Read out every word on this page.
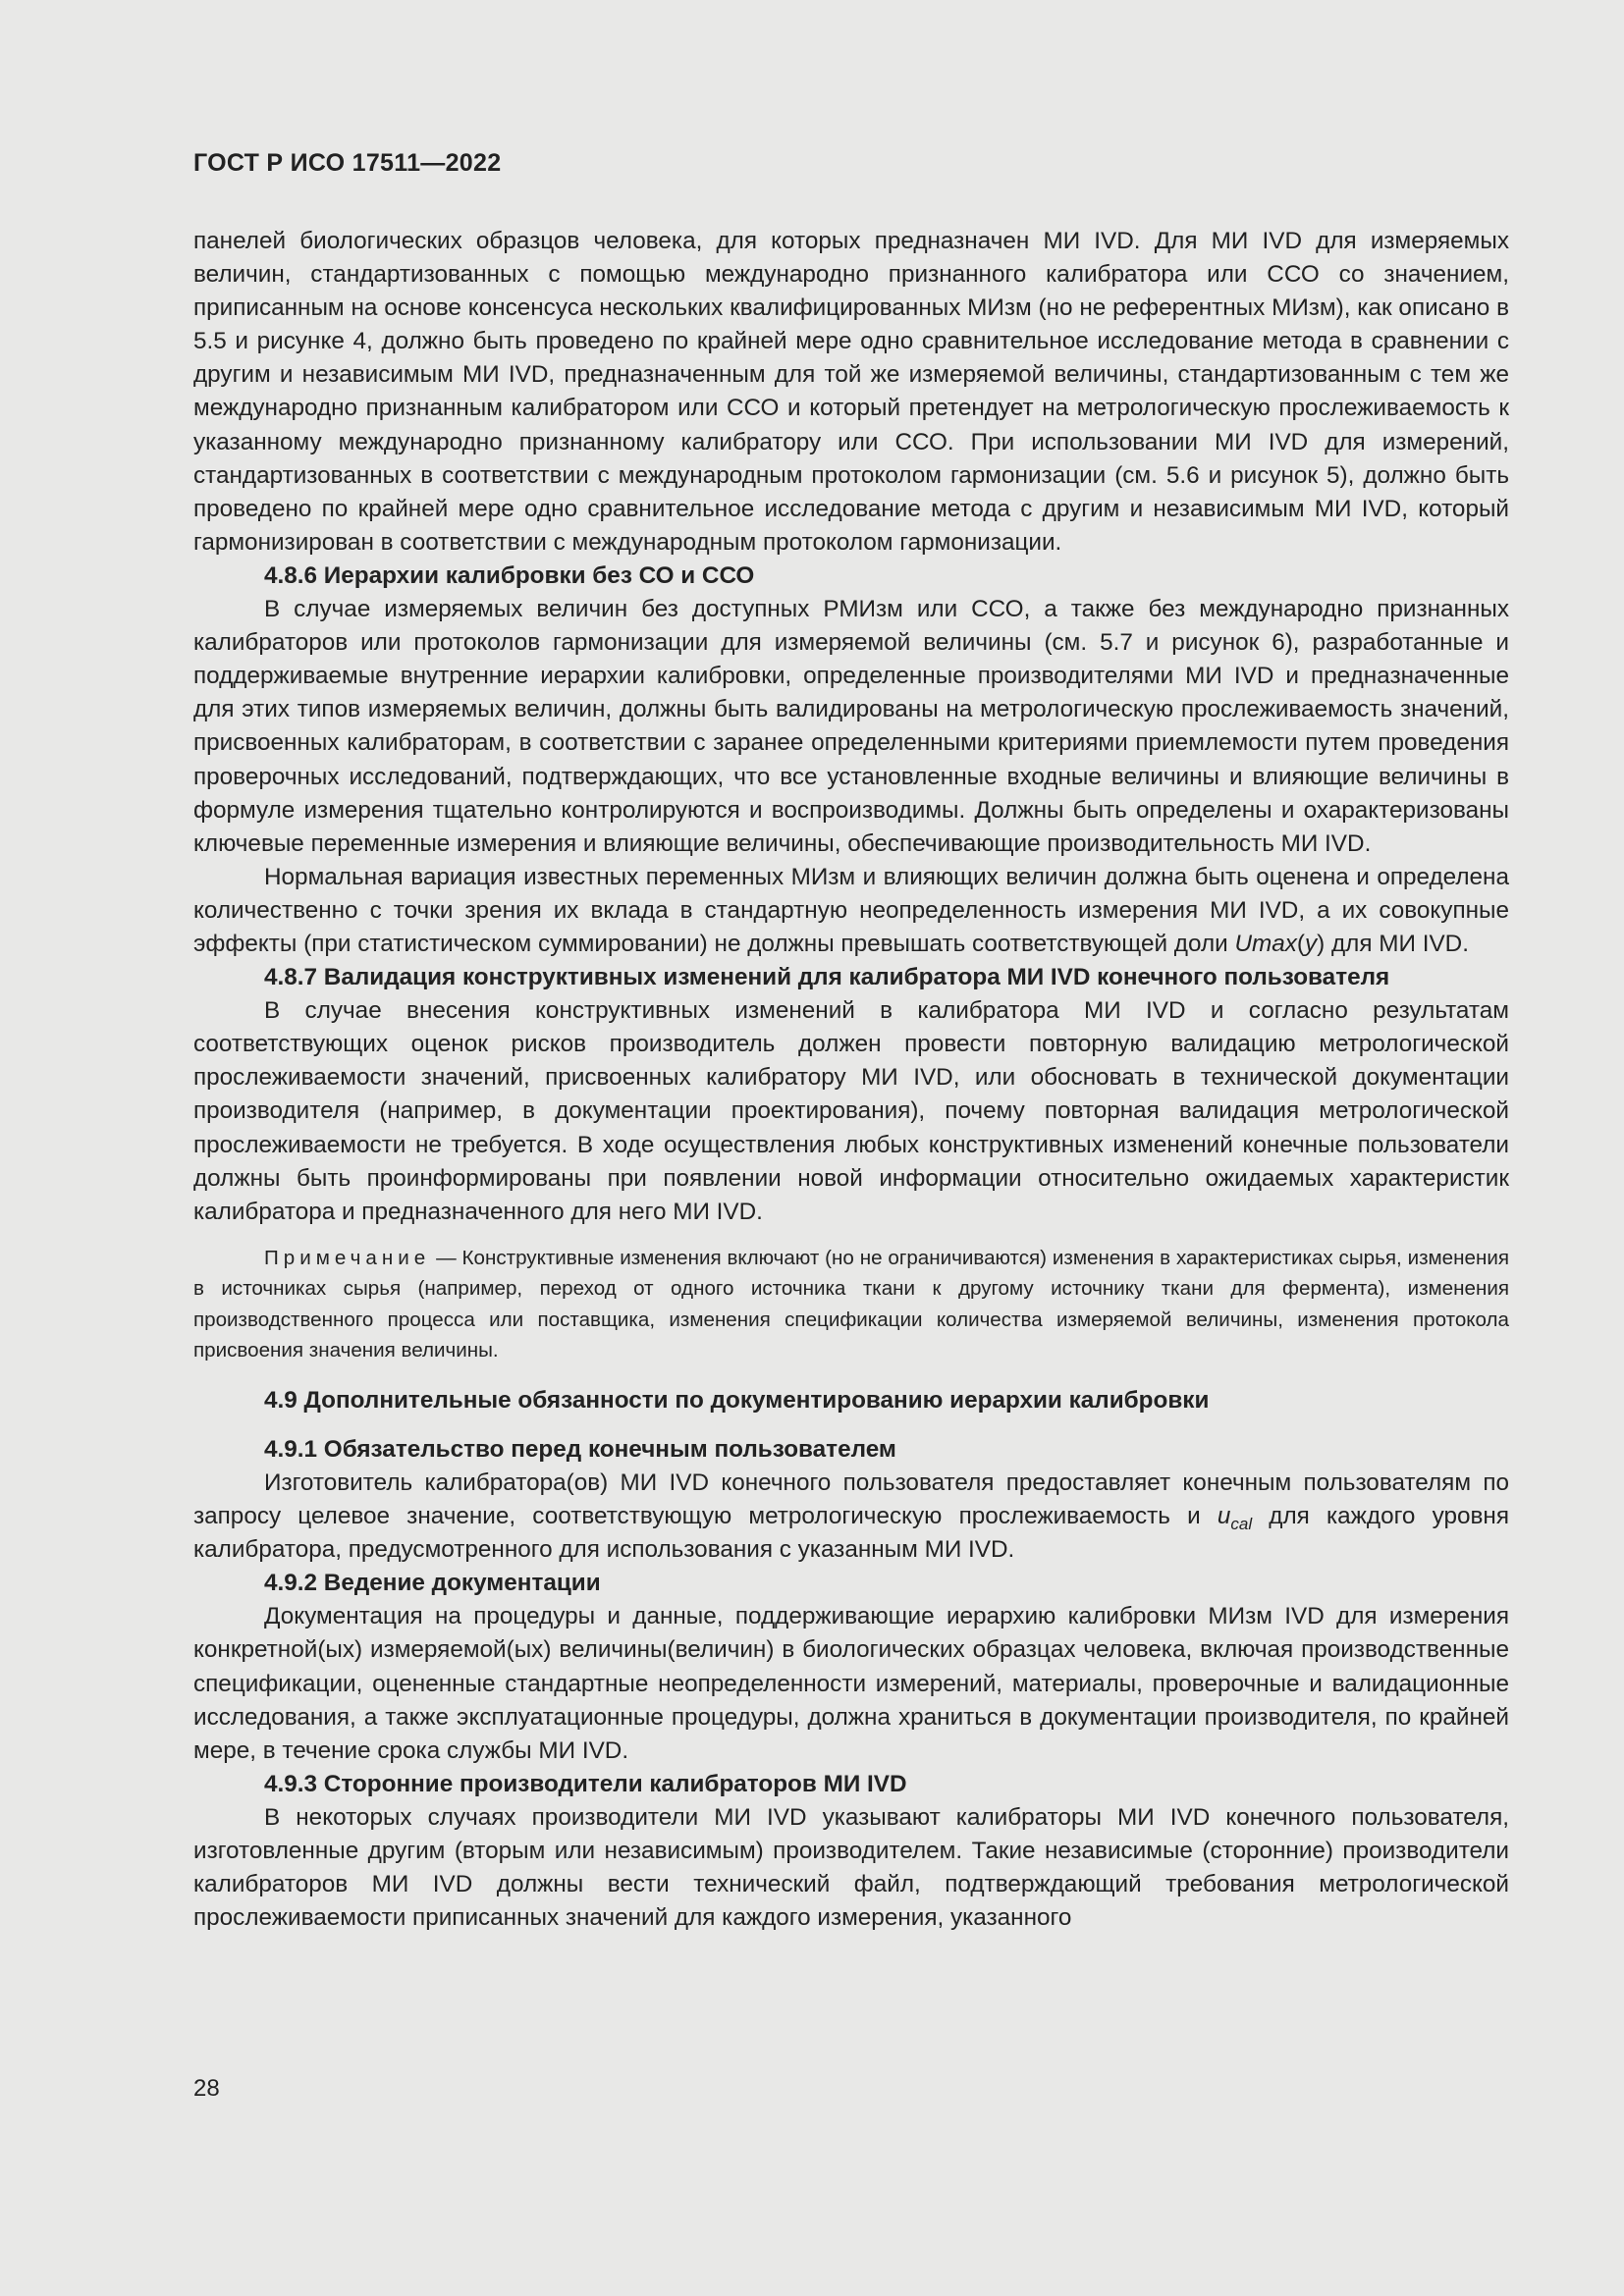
ГОСТ Р ИСО 17511—2022

панелей биологических образцов человека, для которых предназначен МИ IVD. Для МИ IVD для измеряемых величин, стандартизованных с помощью международно признанного калибратора или ССО со значением, приписанным на основе консенсуса нескольких квалифицированных МИзм (но не референтных МИзм), как описано в 5.5 и рисунке 4, должно быть проведено по крайней мере одно сравнительное исследование метода в сравнении с другим и независимым МИ IVD, предназначенным для той же измеряемой величины, стандартизованным с тем же международно признанным калибратором или ССО и который претендует на метрологическую прослеживаемость к указанному международно признанному калибратору или ССО. При использовании МИ IVD для измерений, стандартизованных в соответствии с международным протоколом гармонизации (см. 5.6 и рисунок 5), должно быть проведено по крайней мере одно сравнительное исследование метода с другим и независимым МИ IVD, который гармонизирован в соответствии с международным протоколом гармонизации.

4.8.6 Иерархии калибровки без СО и ССО

В случае измеряемых величин без доступных РМИзм или ССО, а также без международно признанных калибраторов или протоколов гармонизации для измеряемой величины (см. 5.7 и рисунок 6), разработанные и поддерживаемые внутренние иерархии калибровки, определенные производителями МИ IVD и предназначенные для этих типов измеряемых величин, должны быть валидированы на метрологическую прослеживаемость значений, присвоенных калибраторам, в соответствии с заранее определенными критериями приемлемости путем проведения проверочных исследований, подтверждающих, что все установленные входные величины и влияющие величины в формуле измерения тщательно контролируются и воспроизводимы. Должны быть определены и охарактеризованы ключевые переменные измерения и влияющие величины, обеспечивающие производительность МИ IVD.

Нормальная вариация известных переменных МИзм и влияющих величин должна быть оценена и определена количественно с точки зрения их вклада в стандартную неопределенность измерения МИ IVD, а их совокупные эффекты (при статистическом суммировании) не должны превышать соответствующей доли Umax(y) для МИ IVD.

4.8.7 Валидация конструктивных изменений для калибратора МИ IVD конечного пользователя

В случае внесения конструктивных изменений в калибратора МИ IVD и согласно результатам соответствующих оценок рисков производитель должен провести повторную валидацию метрологической прослеживаемости значений, присвоенных калибратору МИ IVD, или обосновать в технической документации производителя (например, в документации проектирования), почему повторная валидация метрологической прослеживаемости не требуется. В ходе осуществления любых конструктивных изменений конечные пользователи должны быть проинформированы при появлении новой информации относительно ожидаемых характеристик калибратора и предназначенного для него МИ IVD.

Примечание — Конструктивные изменения включают (но не ограничиваются) изменения в характеристиках сырья, изменения в источниках сырья (например, переход от одного источника ткани к другому источнику ткани для фермента), изменения производственного процесса или поставщика, изменения спецификации количества измеряемой величины, изменения протокола присвоения значения величины.

4.9 Дополнительные обязанности по документированию иерархии калибровки

4.9.1 Обязательство перед конечным пользователем

Изготовитель калибратора(ов) МИ IVD конечного пользователя предоставляет конечным пользователям по запросу целевое значение, соответствующую метрологическую прослеживаемость и $u_{cal}$ для каждого уровня калибратора, предусмотренного для использования с указанным МИ IVD.

4.9.2 Ведение документации

Документация на процедуры и данные, поддерживающие иерархию калибровки МИзм IVD для измерения конкретной(ых) измеряемой(ых) величины(величин) в биологических образцах человека, включая производственные спецификации, оцененные стандартные неопределенности измерений, материалы, проверочные и валидационные исследования, а также эксплуатационные процедуры, должна храниться в документации производителя, по крайней мере, в течение срока службы МИ IVD.

4.9.3 Сторонние производители калибраторов МИ IVD

В некоторых случаях производители МИ IVD указывают калибраторы МИ IVD конечного пользователя, изготовленные другим (вторым или независимым) производителем. Такие независимые (сторонние) производители калибраторов МИ IVD должны вести технический файл, подтверждающий требования метрологической прослеживаемости приписанных значений для каждого измерения, указанного

28
